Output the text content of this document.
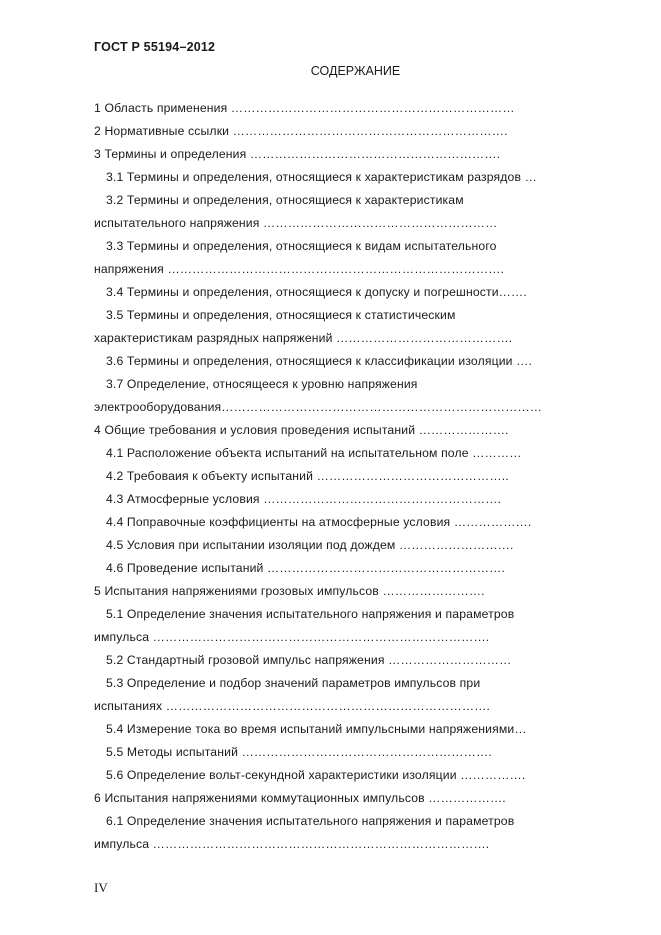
ГОСТ Р 55194–2012
СОДЕРЖАНИЕ
1 Область применения ……………………………………………………………
2 Нормативные ссылки ………………………………………………………….
3 Термины и определения …………………………………………………….
3.1 Термины и определения, относящиеся к характеристикам разрядов …
3.2 Термины и определения, относящиеся к характеристикам
испытательного напряжения …………………………………………………
3.3 Термины и определения, относящиеся к видам испытательного
напряжения ……………………………………………………………………….
3.4 Термины и определения, относящиеся к допуску и погрешности…….
3.5 Термины и определения, относящиеся к статистическим
характеристикам разрядных напряжений …………………………………….
3.6 Термины и определения, относящиеся к классификации изоляции ….
3.7 Определение, относящееся к уровню напряжения
электрооборудования……………………………………………………………………
4 Общие требования и условия проведения испытаний ………………….
4.1 Расположение объекта испытаний на испытательном поле …………
4.2 Требоваия к объекту испытаний ………………………………………..
4.3 Атмосферные условия ………………………………………………….
4.4 Поправочные коэффициенты на атмосферные условия ……………….
4.5 Условия при испытании изоляции под дождем ……………………….
4.6 Проведение испытаний ………………………………………………….
5 Испытания напряжениями грозовых импульсов …………………….
5.1 Определение значения испытательного напряжения и параметров
импульса ……………………………………………………………………….
5.2 Стандартный грозовой импульс напряжения …………………………
5.3 Определение и подбор значений параметров импульсов при
испытаниях …………………………………………………………………….
5.4 Измерение тока во время испытаний импульсными напряжениями…
5.5 Методы испытаний …………………………………………………….
5.6 Определение вольт-секундной характеристики изоляции …………….
6 Испытания напряжениями коммутационных импульсов ……………….
6.1 Определение значения испытательного напряжения и параметров
импульса ……………………………………………………………………….
IV
